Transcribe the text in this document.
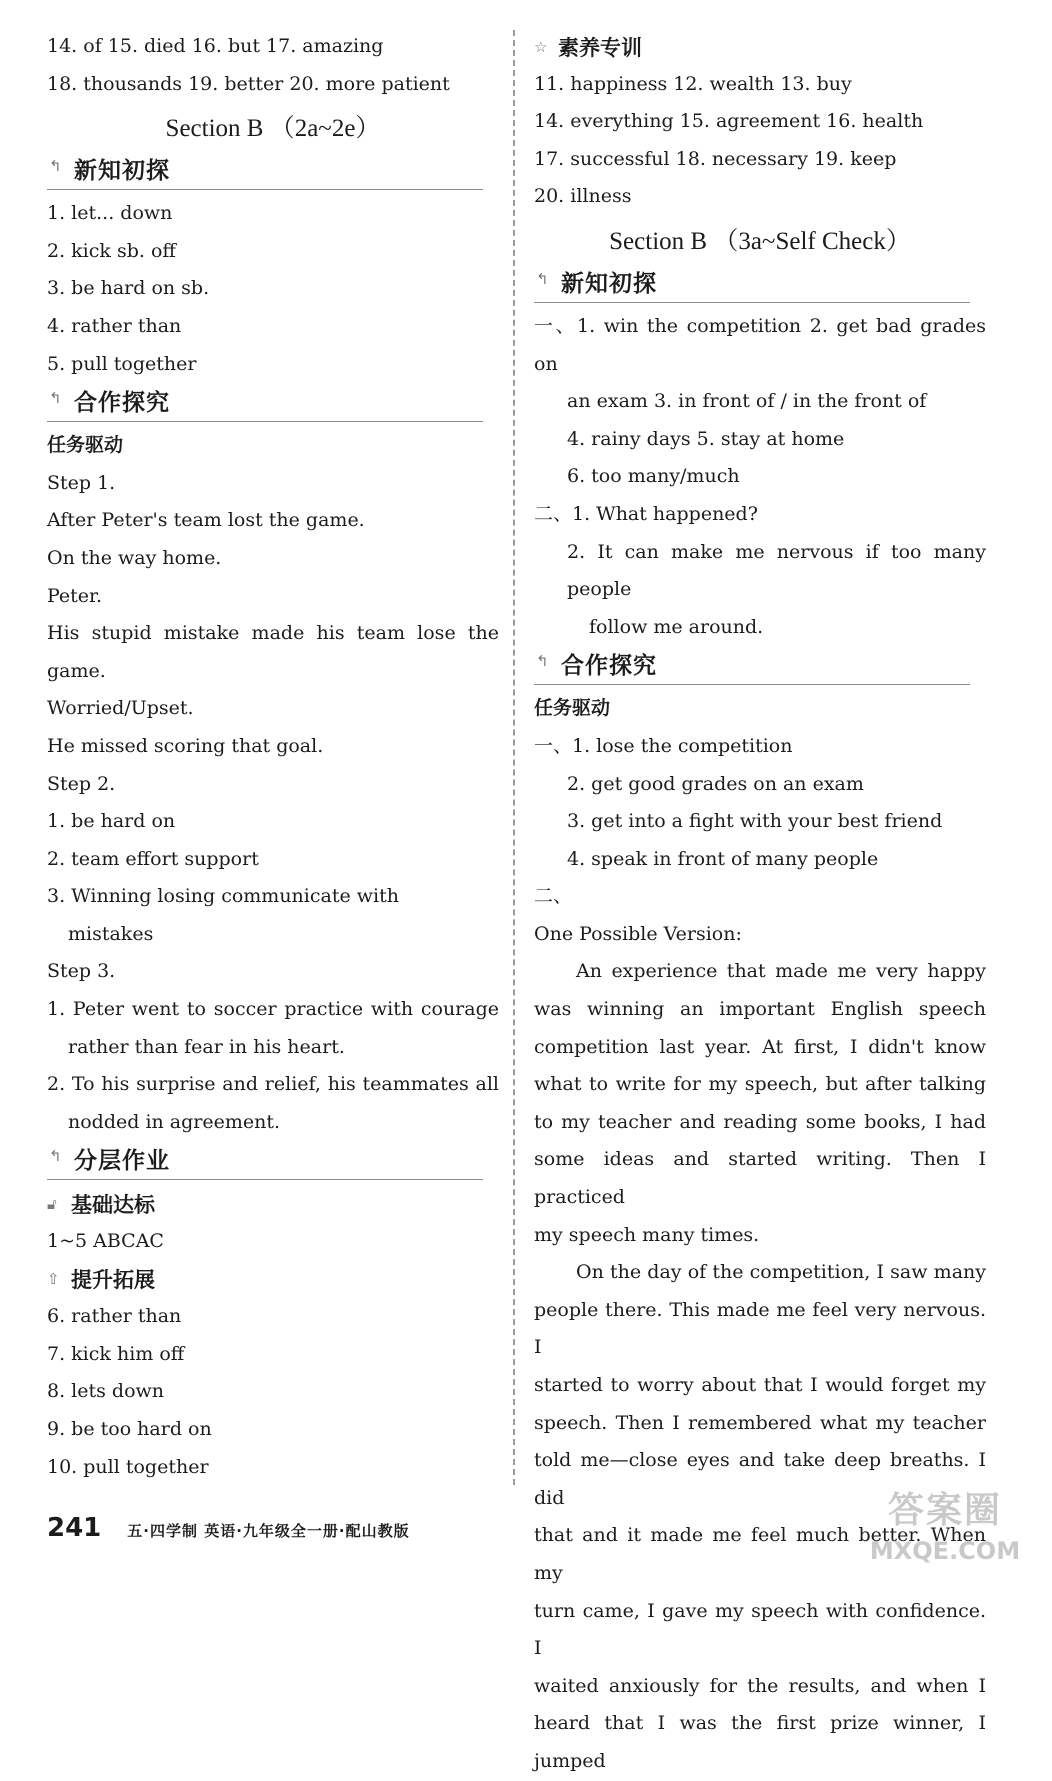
14. of 15. died 16. but 17. amazing
18. thousands 19. better 20. more patient
Section B （2a~2e）
↰ 新知初探
1. let... down
2. kick sb. off
3. be hard on sb.
4. rather than
5. pull together
↰ 合作探究
任务驱动
Step 1.
After Peter's team lost the game.
On the way home.
Peter.
His stupid mistake made his team lose the
game.
Worried/Upset.
He missed scoring that goal.
Step 2.
1. be hard on
2. team effort support
3. Winning losing communicate with
mistakes
Step 3.
1. Peter went to soccer practice with courage
rather than fear in his heart.
2. To his surprise and relief, his teammates all
nodded in agreement.
↰ 分层作业
🔓︎ 基础达标
1~5 ABCAC
⇧ 提升拓展
6. rather than
7. kick him off
8. lets down
9. be too hard on
10. pull together
☆ 素养专训
11. happiness 12. wealth 13. buy
14. everything 15. agreement 16. health
17. successful 18. necessary 19. keep
20. illness
Section B （3a~Self Check）
↰ 新知初探
一、1. win the competition 2. get bad grades on
an exam 3. in front of / in the front of
4. rainy days 5. stay at home
6. too many/much
二、1. What happened?
2. It can make me nervous if too many people
follow me around.
↰ 合作探究
任务驱动
一、1. lose the competition
2. get good grades on an exam
3. get into a fight with your best friend
4. speak in front of many people
二、
One Possible Version:
An experience that made me very happy
was winning an important English speech
competition last year. At first, I didn't know
what to write for my speech, but after talking
to my teacher and reading some books, I had
some ideas and started writing. Then I practiced
my speech many times.
On the day of the competition, I saw many
people there. This made me feel very nervous. I
started to worry about that I would forget my
speech. Then I remembered what my teacher
told me—close eyes and take deep breaths. I did
that and it made me feel much better. When my
turn came, I gave my speech with confidence. I
waited anxiously for the results, and when I
heard that I was the first prize winner, I jumped
241 五·四学制 英语·九年级全一册·配山教版	答案圈
MXQE.COM
